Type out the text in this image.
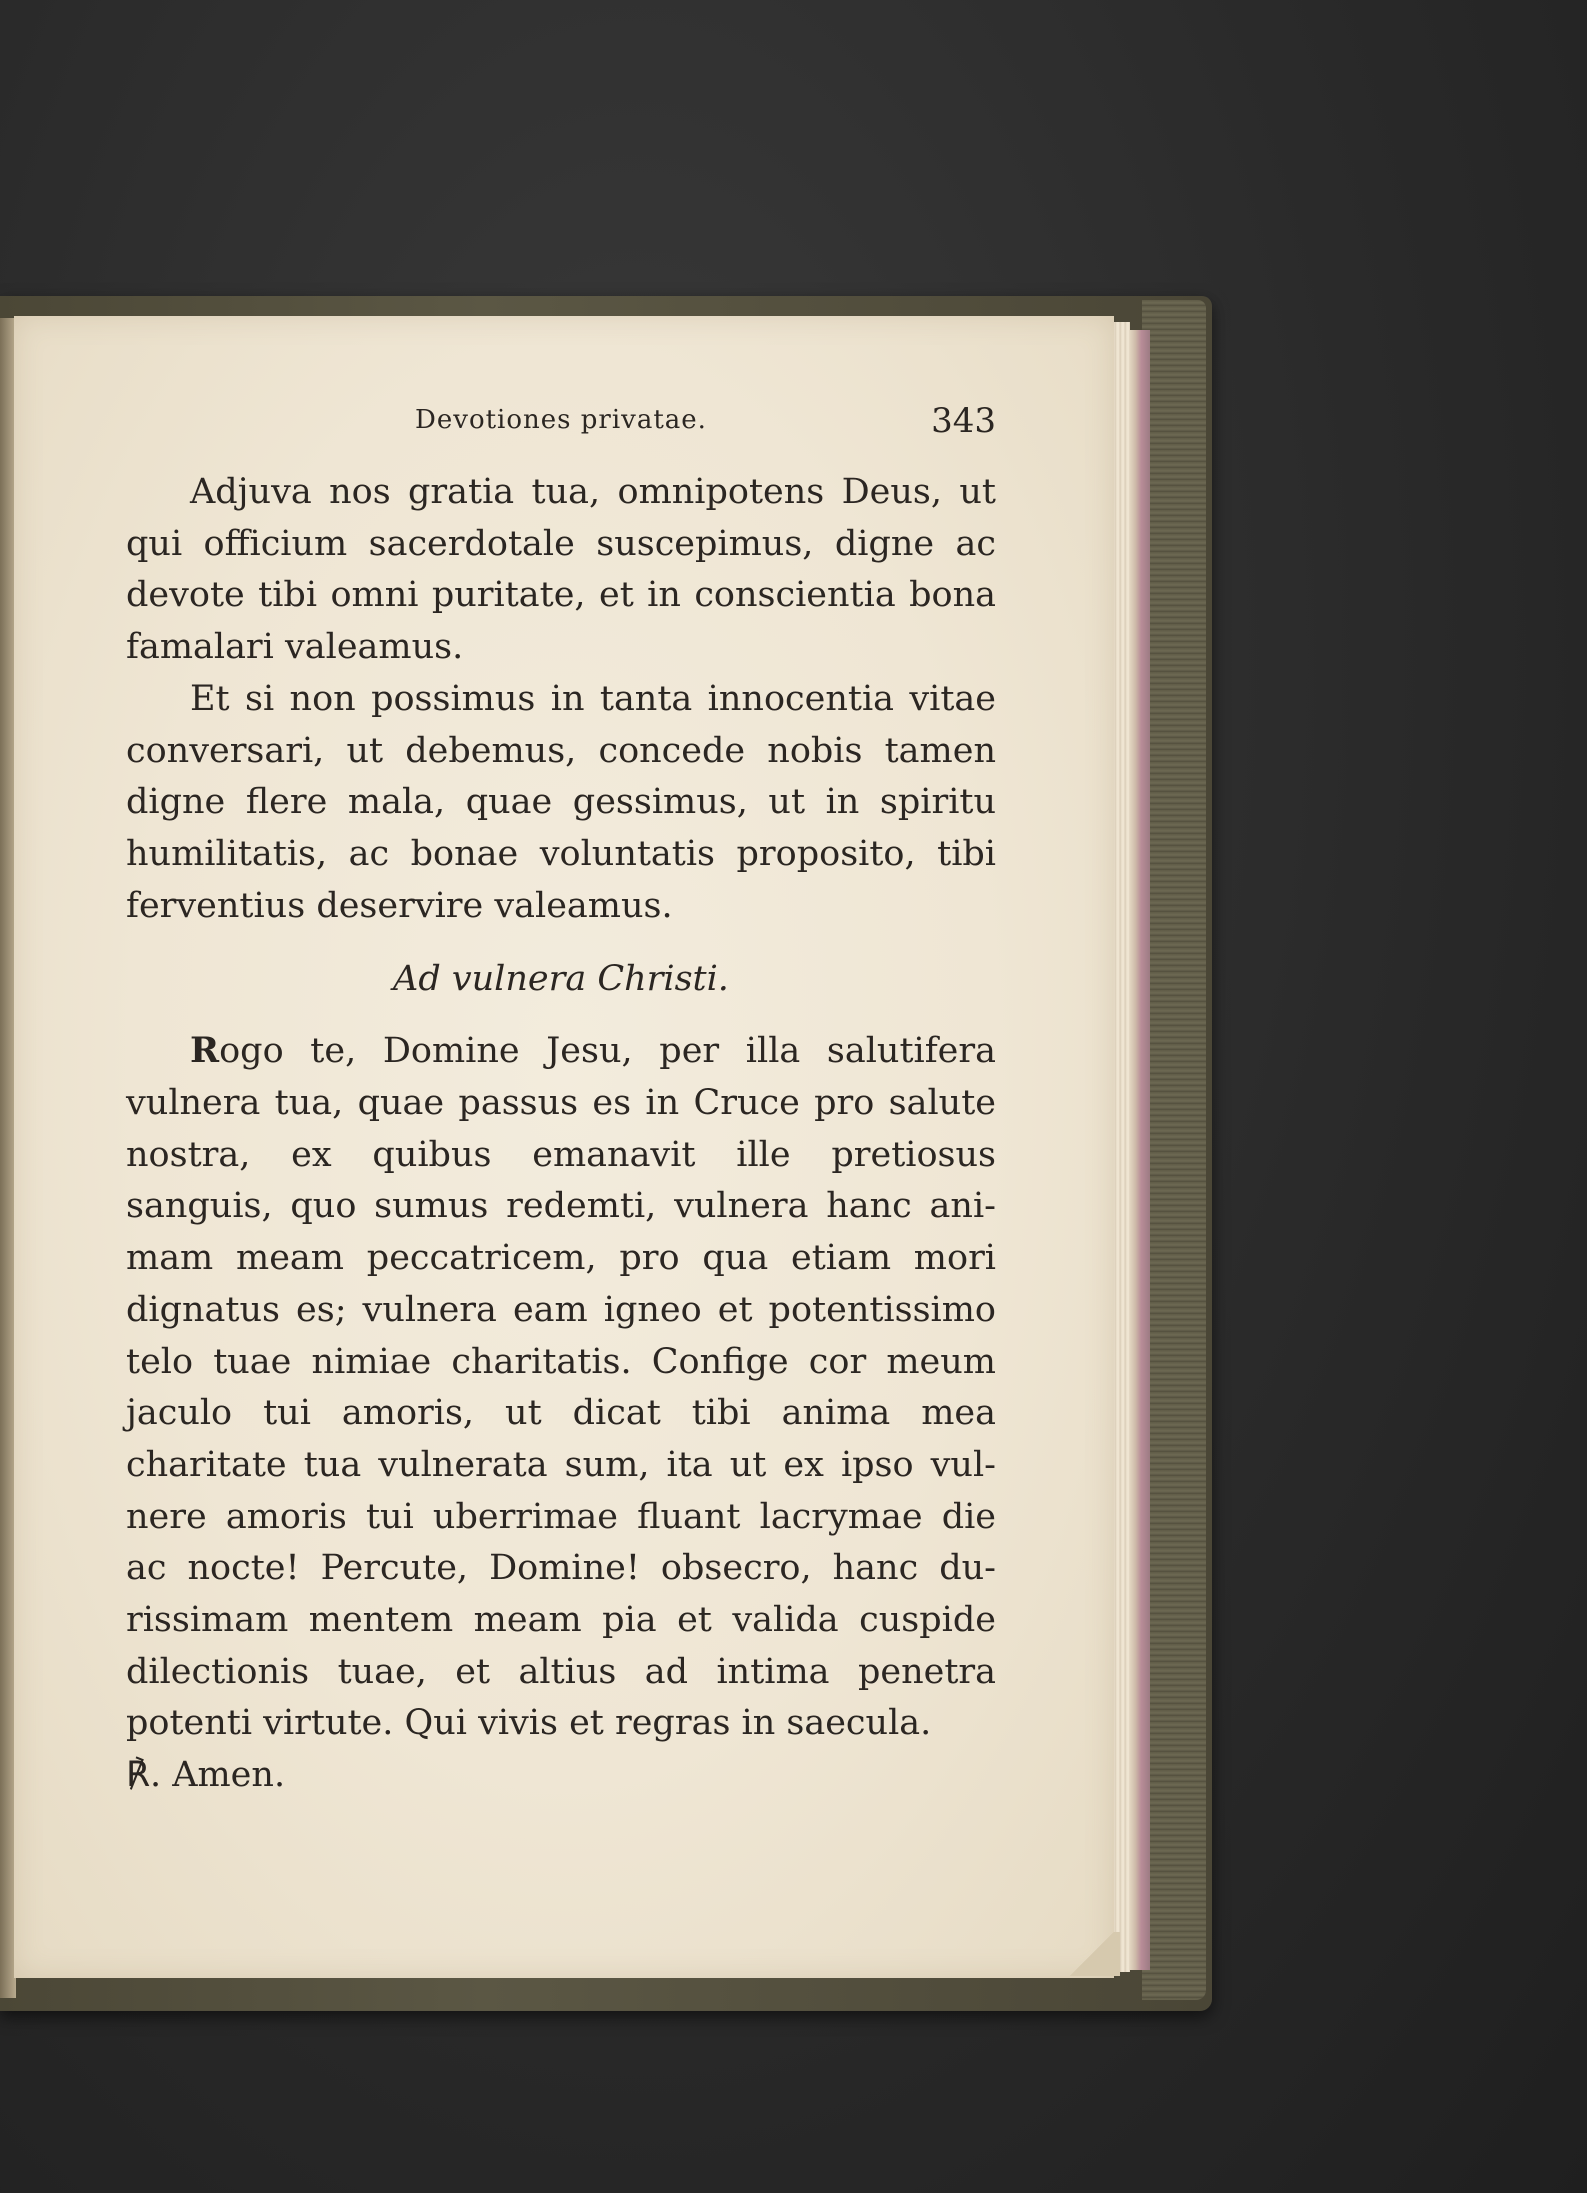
Devotiones privatae.	343

Adjuva nos gratia tua, omnipotens Deus, ut qui officium sacerdotale suscepimus, digne ac devote tibi omni puritate, et in conscientia bona famalari valeamus.

Et si non possimus in tanta innocentia vitae conversari, ut debemus, concede nobis tamen digne flere mala, quae gessimus, ut in spiritu humilitatis, ac bonae voluntatis proposito, tibi ferventius deservire valeamus.

Ad vulnera Christi.

Rogo te, Domine Jesu, per illa salutifera vulnera tua, quae passus es in Cruce pro salute nostra, ex quibus emanavit ille pretiosus sanguis, quo sumus redemti, vulnera hanc animam meam peccatricem, pro qua etiam mori dignatus es; vulnera eam igneo et potentissimo telo tuae nimiae charitatis. Confige cor meum jaculo tui amoris, ut dicat tibi anima mea charitate tua vulnerata sum, ita ut ex ipso vulnere amoris tui uberrimae fluant lacrymae die ac nocte! Percute, Domine! obsecro, hanc durissimam mentem meam pia et valida cuspide dilectionis tuae, et altius ad intima penetra potenti virtute. Qui vivis et regras in saecula.

℟. Amen.
